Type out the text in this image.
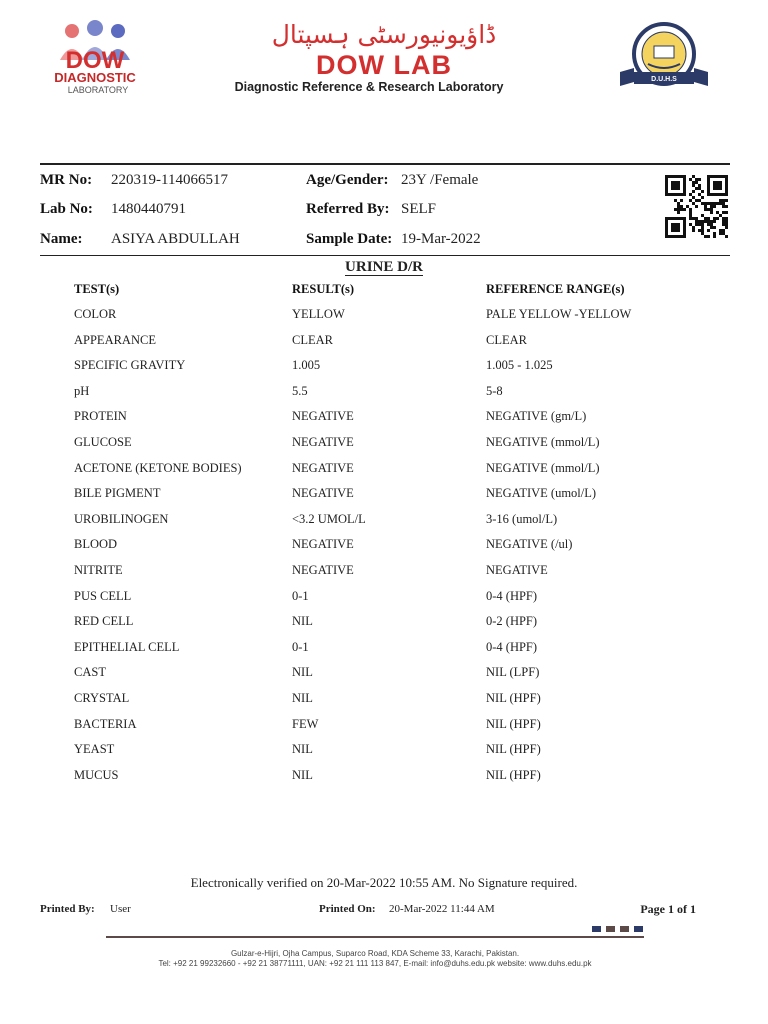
DOW
DIAGNOSTIC
LABORATORY
ڈاؤیونیورسٹی ہسپتال
DOW LAB
Diagnostic Reference & Research Laboratory
D.U.H.S
MR No: 220319-114066517
Lab No: 1480440791
Name: ASIYA ABDULLAH
Age/Gender: 23Y /Female
Referred By: SELF
Sample Date: 19-Mar-2022
URINE D/R
TEST(s)	RESULT(s)	REFERENCE RANGE(s)
COLOR	YELLOW	PALE YELLOW -YELLOW
APPEARANCE	CLEAR	CLEAR
SPECIFIC GRAVITY	1.005	1.005 - 1.025
pH	5.5	5-8
PROTEIN	NEGATIVE	NEGATIVE (gm/L)
GLUCOSE	NEGATIVE	NEGATIVE (mmol/L)
ACETONE (KETONE BODIES)	NEGATIVE	NEGATIVE (mmol/L)
BILE PIGMENT	NEGATIVE	NEGATIVE (umol/L)
UROBILINOGEN	<3.2 UMOL/L	3-16 (umol/L)
BLOOD	NEGATIVE	NEGATIVE (/ul)
NITRITE	NEGATIVE	NEGATIVE
PUS CELL	0-1	0-4 (HPF)
RED CELL	NIL	0-2 (HPF)
EPITHELIAL CELL	0-1	0-4 (HPF)
CAST	NIL	NIL (LPF)
CRYSTAL	NIL	NIL (HPF)
BACTERIA	FEW	NIL (HPF)
YEAST	NIL	NIL (HPF)
MUCUS	NIL	NIL (HPF)
Electronically verified on 20-Mar-2022 10:55 AM. No Signature required.
Printed By: User	Printed On: 20-Mar-2022 11:44 AM	Page 1 of 1
Gulzar-e-Hijri, Ojha Campus, Suparco Road, KDA Scheme 33, Karachi, Pakistan.
Tel: +92 21 99232660 - +92 21 38771111, UAN: +92 21 111 113 847, E-mail: info@duhs.edu.pk website: www.duhs.edu.pk
